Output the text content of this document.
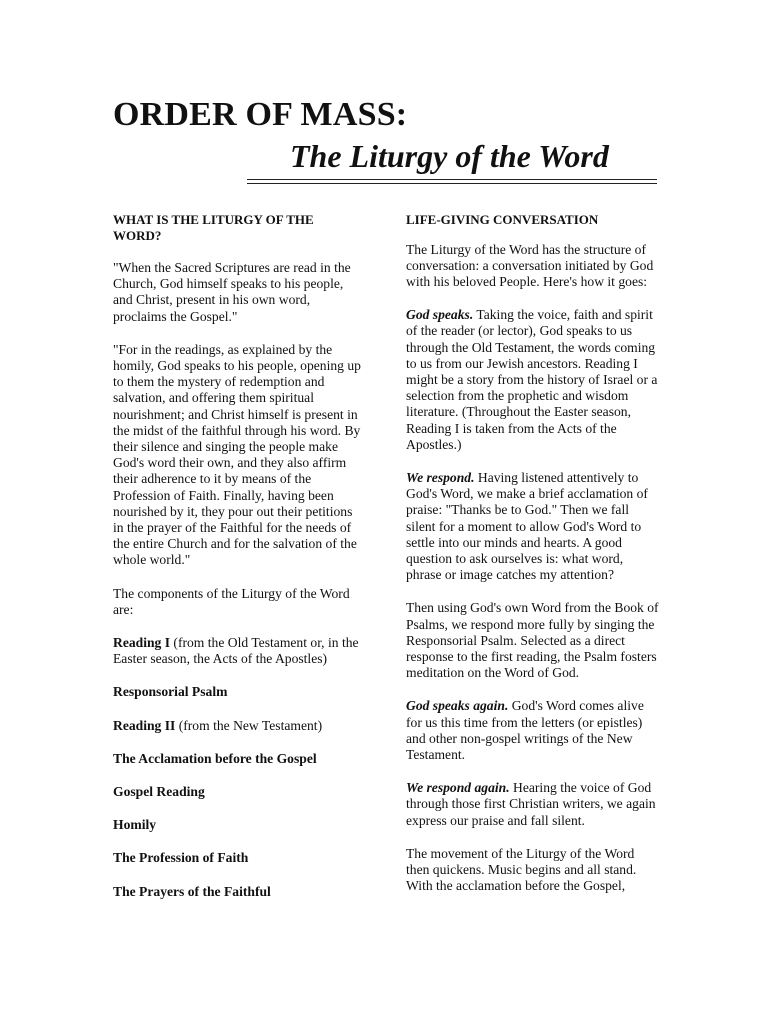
ORDER OF MASS:
The Liturgy of the Word
WHAT IS THE LITURGY OF THE WORD?

"When the Sacred Scriptures are read in the Church, God himself speaks to his people, and Christ, present in his own word, proclaims the Gospel."

"For in the readings, as explained by the homily, God speaks to his people, opening up to them the mystery of redemption and salvation, and offering them spiritual nourishment; and Christ himself is present in the midst of the faithful through his word. By their silence and singing the people make God's word their own, and they also affirm their adherence to it by means of the Profession of Faith. Finally, having been nourished by it, they pour out their petitions in the prayer of the Faithful for the needs of the entire Church and for the salvation of the whole world."

The components of the Liturgy of the Word are:

Reading I (from the Old Testament or, in the Easter season, the Acts of the Apostles)
Responsorial Psalm
Reading II (from the New Testament)
The Acclamation before the Gospel
Gospel Reading
Homily
The Profession of Faith
The Prayers of the Faithful
LIFE-GIVING CONVERSATION

The Liturgy of the Word has the structure of conversation: a conversation initiated by God with his beloved People. Here's how it goes:

God speaks. Taking the voice, faith and spirit of the reader (or lector), God speaks to us through the Old Testament, the words coming to us from our Jewish ancestors. Reading I might be a story from the history of Israel or a selection from the prophetic and wisdom literature. (Throughout the Easter season, Reading I is taken from the Acts of the Apostles.)

We respond. Having listened attentively to God's Word, we make a brief acclamation of praise: "Thanks be to God." Then we fall silent for a moment to allow God's Word to settle into our minds and hearts. A good question to ask ourselves is: what word, phrase or image catches my attention?

Then using God's own Word from the Book of Psalms, we respond more fully by singing the Responsorial Psalm. Selected as a direct response to the first reading, the Psalm fosters meditation on the Word of God.

God speaks again. God's Word comes alive for us this time from the letters (or epistles) and other non-gospel writings of the New Testament.

We respond again. Hearing the voice of God through those first Christian writers, we again express our praise and fall silent.

The movement of the Liturgy of the Word then quickens. Music begins and all stand. With the acclamation before the Gospel,
